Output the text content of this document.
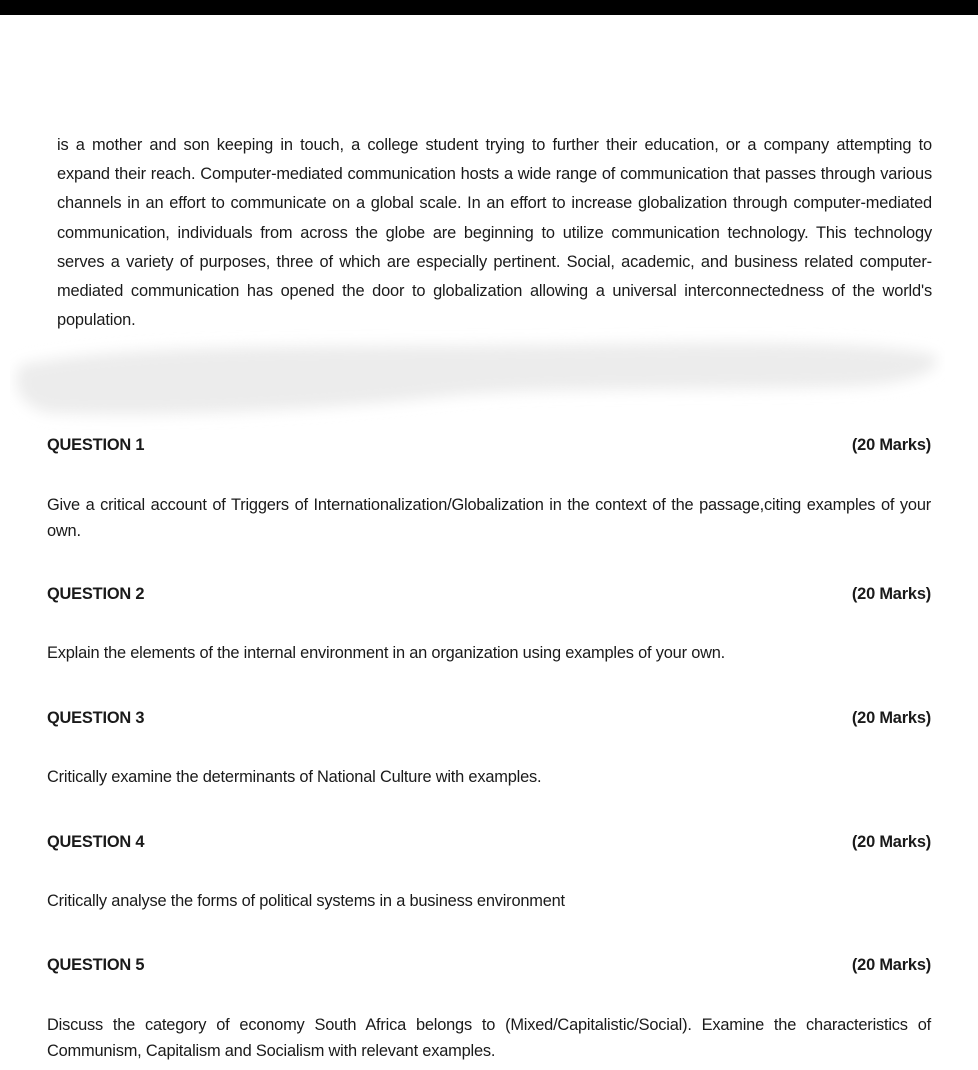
is a mother and son keeping in touch, a college student trying to further their education, or a company attempting to expand their reach. Computer-mediated communication hosts a wide range of communication that passes through various channels in an effort to communicate on a global scale. In an effort to increase globalization through computer-mediated communication, individuals from across the globe are beginning to utilize communication technology. This technology serves a variety of purposes, three of which are especially pertinent. Social, academic, and business related computer-mediated communication has opened the door to globalization allowing a universal interconnectedness of the world's population.

QUESTION 1	(20 Marks)

Give a critical account of Triggers of Internationalization/Globalization in the context of the passage,citing examples of your own.

QUESTION 2	(20 Marks)

Explain the elements of the internal environment in an organization using examples of your own.

QUESTION 3	(20 Marks)

Critically examine the determinants of National Culture with examples.

QUESTION 4	(20 Marks)

Critically analyse the forms of political systems in a business environment

QUESTION 5	(20 Marks)

Discuss the category of economy South Africa belongs to (Mixed/Capitalistic/Social). Examine the characteristics of Communism, Capitalism and Socialism with relevant examples.
